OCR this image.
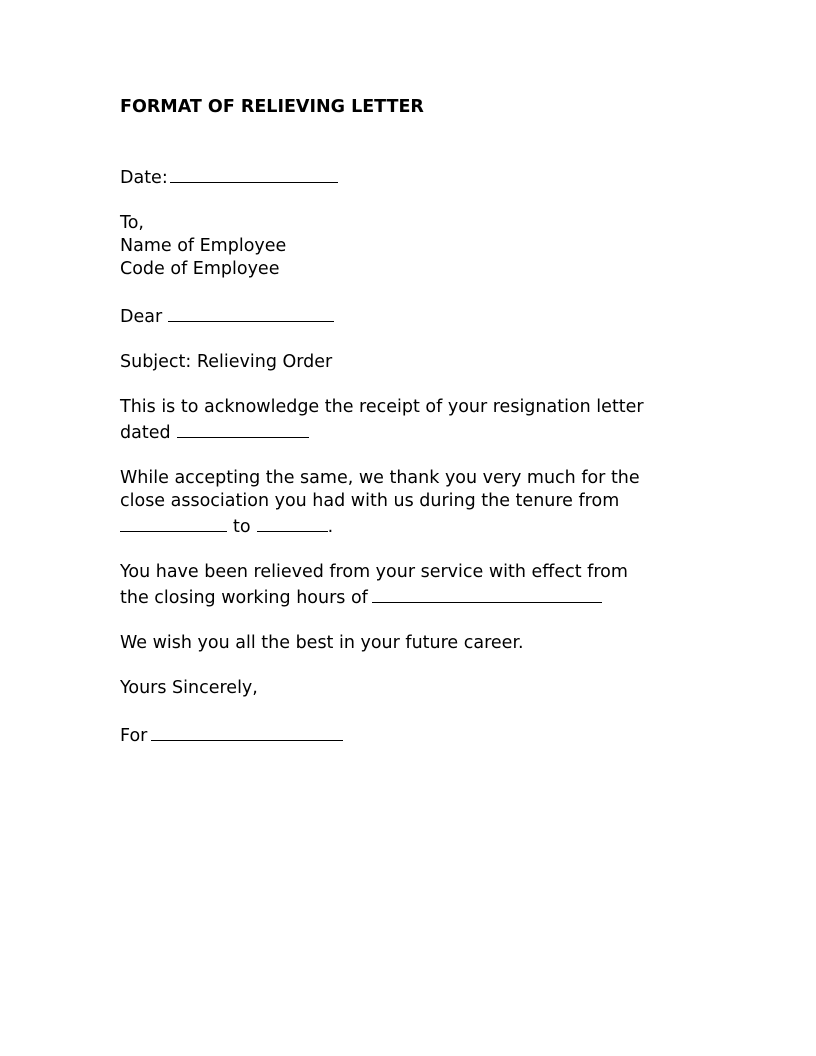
FORMAT OF RELIEVING LETTER
Date:
To,
Name of Employee
Code of Employee
Dear
Subject: Relieving Order
This is to acknowledge the receipt of your resignation letter
dated
While accepting the same, we thank you very much for the
close association you had with us during the tenure from
to	.
You have been relieved from your service with effect from
the closing working hours of
We wish you all the best in your future career.
Yours Sincerely,
For
